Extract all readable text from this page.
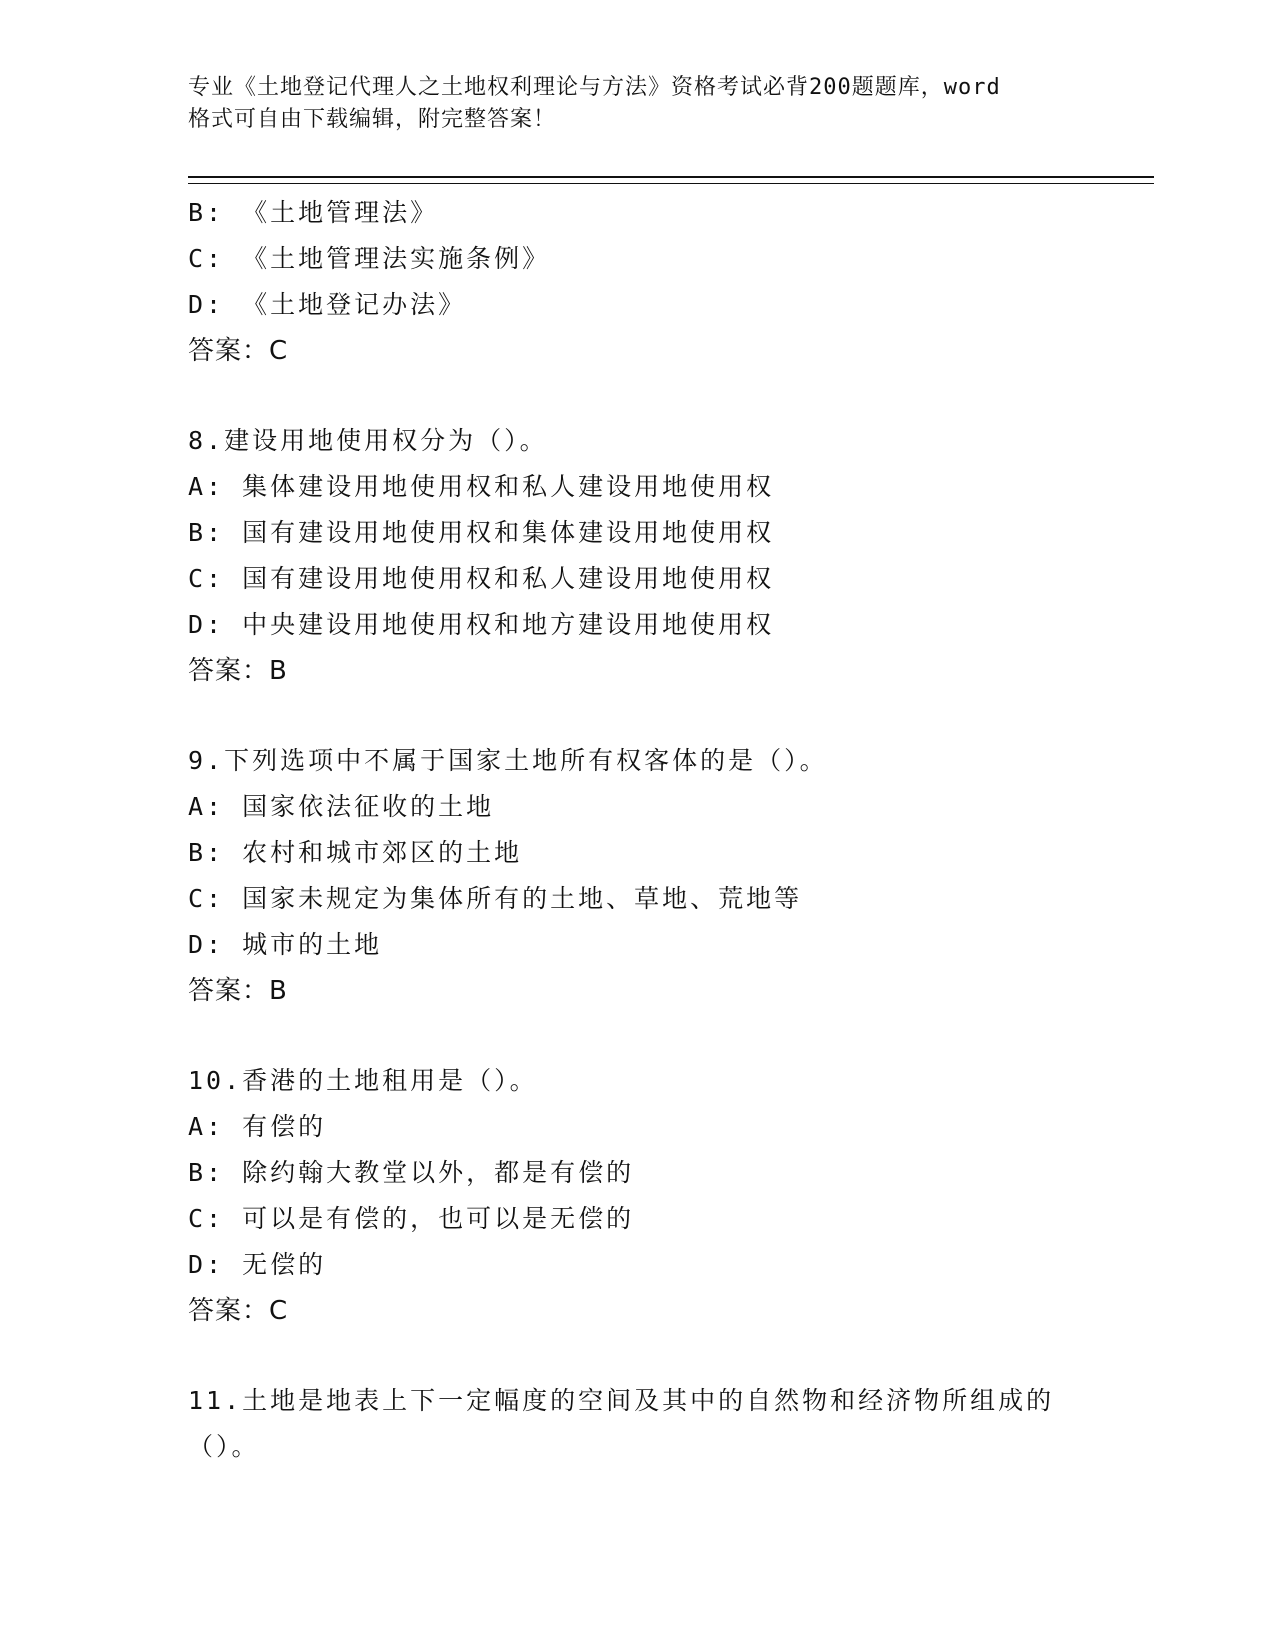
专业《土地登记代理人之土地权利理论与方法》资格考试必背200题题库，word
格式可自由下载编辑，附完整答案！
B: 《土地管理法》
C: 《土地管理法实施条例》
D: 《土地登记办法》
答案：C
8.建设用地使用权分为（）。
A: 集体建设用地使用权和私人建设用地使用权
B: 国有建设用地使用权和集体建设用地使用权
C: 国有建设用地使用权和私人建设用地使用权
D: 中央建设用地使用权和地方建设用地使用权
答案：B
9.下列选项中不属于国家土地所有权客体的是（）。
A: 国家依法征收的土地
B: 农村和城市郊区的土地
C: 国家未规定为集体所有的土地、草地、荒地等
D: 城市的土地
答案：B
10.香港的土地租用是（）。
A: 有偿的
B: 除约翰大教堂以外，都是有偿的
C: 可以是有偿的，也可以是无偿的
D: 无偿的
答案：C
11.土地是地表上下一定幅度的空间及其中的自然物和经济物所组成的
（）。
